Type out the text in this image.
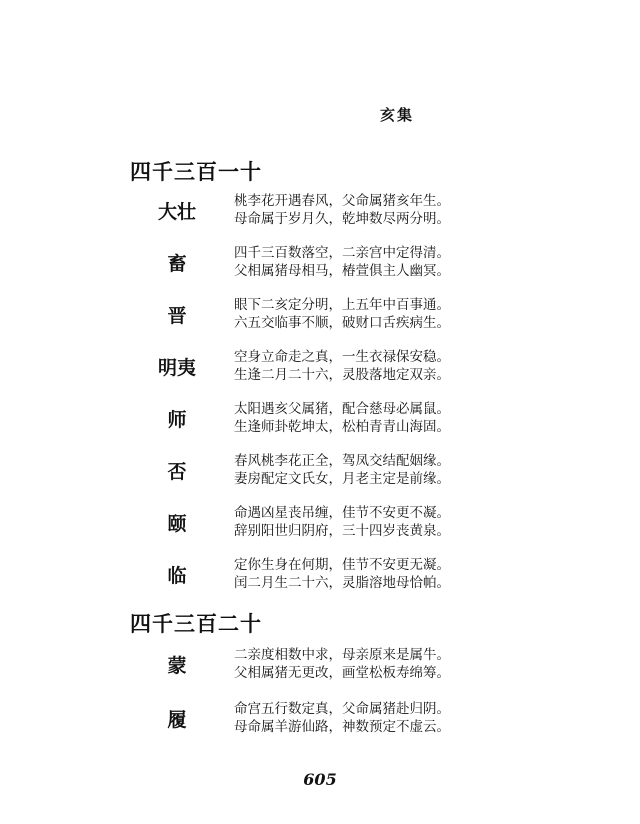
亥集
四千三百一十
大壮	桃李花开遇春风，父命属猪亥年生。
母命属于岁月久，乾坤数尽两分明。
畜	四千三百数落空，二亲宫中定得清。
父相属猪母相马，椿萱俱主人幽冥。
晋	眼下二亥定分明，上五年中百事通。
六五交临事不顺，破财口舌疾病生。
明夷	空身立命走之真，一生衣禄保安稳。
生逢二月二十六，灵股落地定双亲。
师	太阳遇亥父属猪，配合慈母必属鼠。
生逢师卦乾坤太，松柏青青山海固。
否	春风桃李花正全，驾凤交结配姻缘。
妻房配定文氏女，月老主定是前缘。
颐	命遇凶星丧吊缠，佳节不安更不凝。
辞别阳世归阴府，三十四岁丧黄泉。
临	定你生身在何期，佳节不安更无凝。
闰二月生二十六，灵脂溶地母恰帕。
四千三百二十
蒙	二亲度相数中求，母亲原来是属牛。
父相属猪无更改，画堂松板寿绵筹。
履	命宫五行数定真，父命属猪赴归阴。
母命属羊游仙路，神数预定不虚云。
605
